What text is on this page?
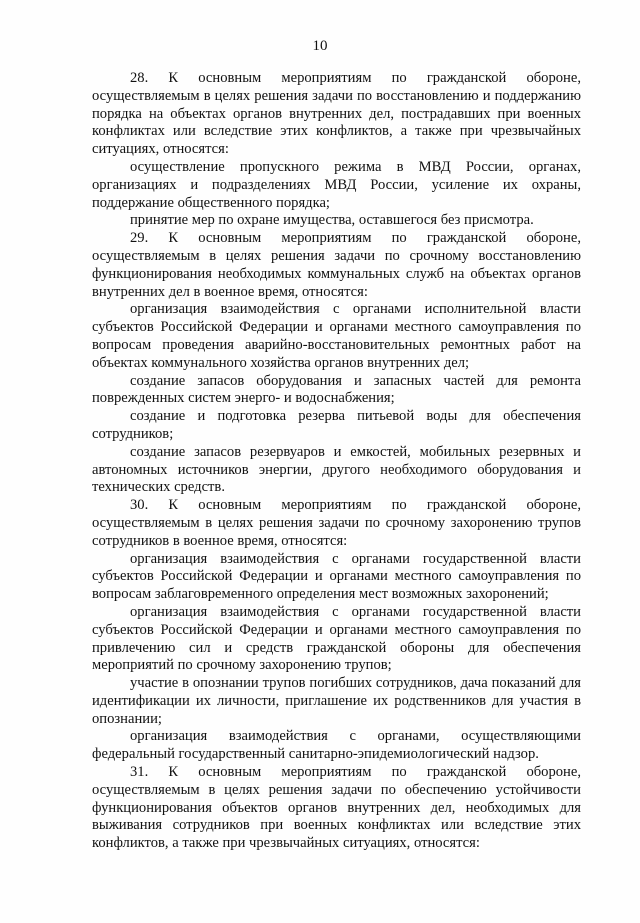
10

28. К основным мероприятиям по гражданской обороне, осуществляемым в целях решения задачи по восстановлению и поддержанию порядка на объектах органов внутренних дел, пострадавших при военных конфликтах или вследствие этих конфликтов, а также при чрезвычайных ситуациях, относятся:

осуществление пропускного режима в МВД России, органах, организациях и подразделениях МВД России, усиление их охраны, поддержание общественного порядка;

принятие мер по охране имущества, оставшегося без присмотра.

29. К основным мероприятиям по гражданской обороне, осуществляемым в целях решения задачи по срочному восстановлению функционирования необходимых коммунальных служб на объектах органов внутренних дел в военное время, относятся:

организация взаимодействия с органами исполнительной власти субъектов Российской Федерации и органами местного самоуправления по вопросам проведения аварийно-восстановительных ремонтных работ на объектах коммунального хозяйства органов внутренних дел;

создание запасов оборудования и запасных частей для ремонта поврежденных систем энерго- и водоснабжения;

создание и подготовка резерва питьевой воды для обеспечения сотрудников;

создание запасов резервуаров и емкостей, мобильных резервных и автономных источников энергии, другого необходимого оборудования и технических средств.

30. К основным мероприятиям по гражданской обороне, осуществляемым в целях решения задачи по срочному захоронению трупов сотрудников в военное время, относятся:

организация взаимодействия с органами государственной власти субъектов Российской Федерации и органами местного самоуправления по вопросам заблаговременного определения мест возможных захоронений;

организация взаимодействия с органами государственной власти субъектов Российской Федерации и органами местного самоуправления по привлечению сил и средств гражданской обороны для обеспечения мероприятий по срочному захоронению трупов;

участие в опознании трупов погибших сотрудников, дача показаний для идентификации их личности, приглашение их родственников для участия в опознании;

организация взаимодействия с органами, осуществляющими федеральный государственный санитарно-эпидемиологический надзор.

31. К основным мероприятиям по гражданской обороне, осуществляемым в целях решения задачи по обеспечению устойчивости функционирования объектов органов внутренних дел, необходимых для выживания сотрудников при военных конфликтах или вследствие этих конфликтов, а также при чрезвычайных ситуациях, относятся:
